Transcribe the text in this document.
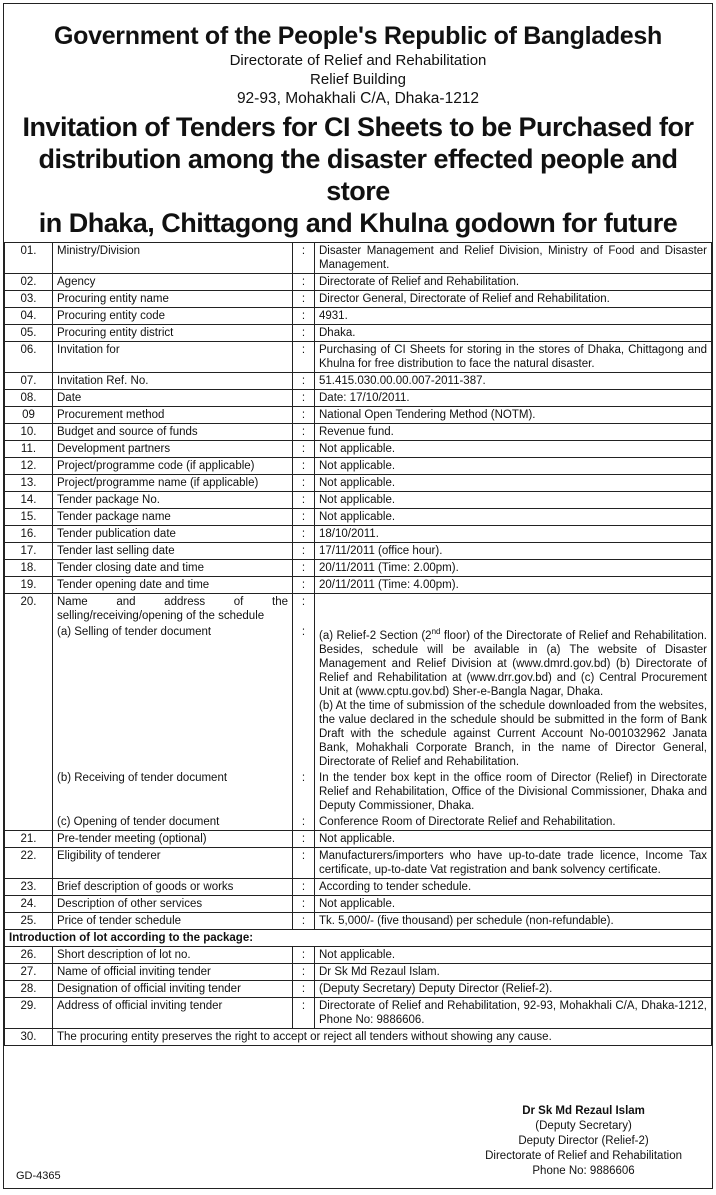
Government of the People's Republic of Bangladesh
Directorate of Relief and Rehabilitation
Relief Building
92-93, Mohakhali C/A, Dhaka-1212
Invitation of Tenders for CI Sheets to be Purchased for
distribution among the disaster effected people and store
in Dhaka, Chittagong and Khulna godown for future
01.	Ministry/Division	:	Disaster Management and Relief Division, Ministry of Food and Disaster Management.
02.	Agency	:	Directorate of Relief and Rehabilitation.
03.	Procuring entity name	:	Director General, Directorate of Relief and Rehabilitation.
04.	Procuring entity code	:	4931.
05.	Procuring entity district	:	Dhaka.
06.	Invitation for	:	Purchasing of CI Sheets for storing in the stores of Dhaka, Chittagong and Khulna for free distribution to face the natural disaster.
07.	Invitation Ref. No.	:	51.415.030.00.00.007-2011-387.
08.	Date	:	Date: 17/10/2011.
09	Procurement method	:	National Open Tendering Method (NOTM).
10.	Budget and source of funds	:	Revenue fund.
11.	Development partners	:	Not applicable.
12.	Project/programme code (if applicable)	:	Not applicable.
13.	Project/programme name (if applicable)	:	Not applicable.
14.	Tender package No.	:	Not applicable.
15.	Tender package name	:	Not applicable.
16.	Tender publication date	:	18/10/2011.
17.	Tender last selling date	:	17/11/2011 (office hour).
18.	Tender closing date and time	:	20/11/2011 (Time: 2.00pm).
19.	Tender opening date and time	:	20/11/2011 (Time: 4.00pm).
20.	Name and address of the selling/receiving/opening of the schedule	:	
	(a) Selling of tender document	:	(a) Relief-2 Section (2nd floor) of the Directorate of Relief and Rehabilitation. Besides, schedule will be available in (a) The website of Disaster Management and Relief Division at (www.dmrd.gov.bd) (b) Directorate of Relief and Rehabilitation at (www.drr.gov.bd) and (c) Central Procurement Unit at (www.cptu.gov.bd) Sher-e-Bangla Nagar, Dhaka.
(b) At the time of submission of the schedule downloaded from the websites, the value declared in the schedule should be submitted in the form of Bank Draft with the schedule against Current Account No-001032962 Janata Bank, Mohakhali Corporate Branch, in the name of Director General, Directorate of Relief and Rehabilitation.
	(b) Receiving of tender document	:	In the tender box kept in the office room of Director (Relief) in Directorate Relief and Rehabilitation, Office of the Divisional Commissioner, Dhaka and Deputy Commissioner, Dhaka.
	(c) Opening of tender document	:	Conference Room of Directorate Relief and Rehabilitation.
21.	Pre-tender meeting (optional)	:	Not applicable.
22.	Eligibility of tenderer	:	Manufacturers/importers who have up-to-date trade licence, Income Tax certificate, up-to-date Vat registration and bank solvency certificate.
23.	Brief description of goods or works	:	According to tender schedule.
24.	Description of other services	:	Not applicable.
25.	Price of tender schedule	:	Tk. 5,000/- (five thousand) per schedule (non-refundable).
Introduction of lot according to the package:			
26.	Short description of lot no.	:	Not applicable.
27.	Name of official inviting tender	:	Dr Sk Md Rezaul Islam.
28.	Designation of official inviting tender	:	(Deputy Secretary) Deputy Director (Relief-2).
29.	Address of official inviting tender	:	Directorate of Relief and Rehabilitation, 92-93, Mohakhali C/A, Dhaka-1212, Phone No: 9886606.
30.	The procuring entity preserves the right to accept or reject all tenders without showing any cause.		
Dr Sk Md Rezaul Islam
(Deputy Secretary)
Deputy Director (Relief-2)
Directorate of Relief and Rehabilitation
Phone No: 9886606
GD-4365
